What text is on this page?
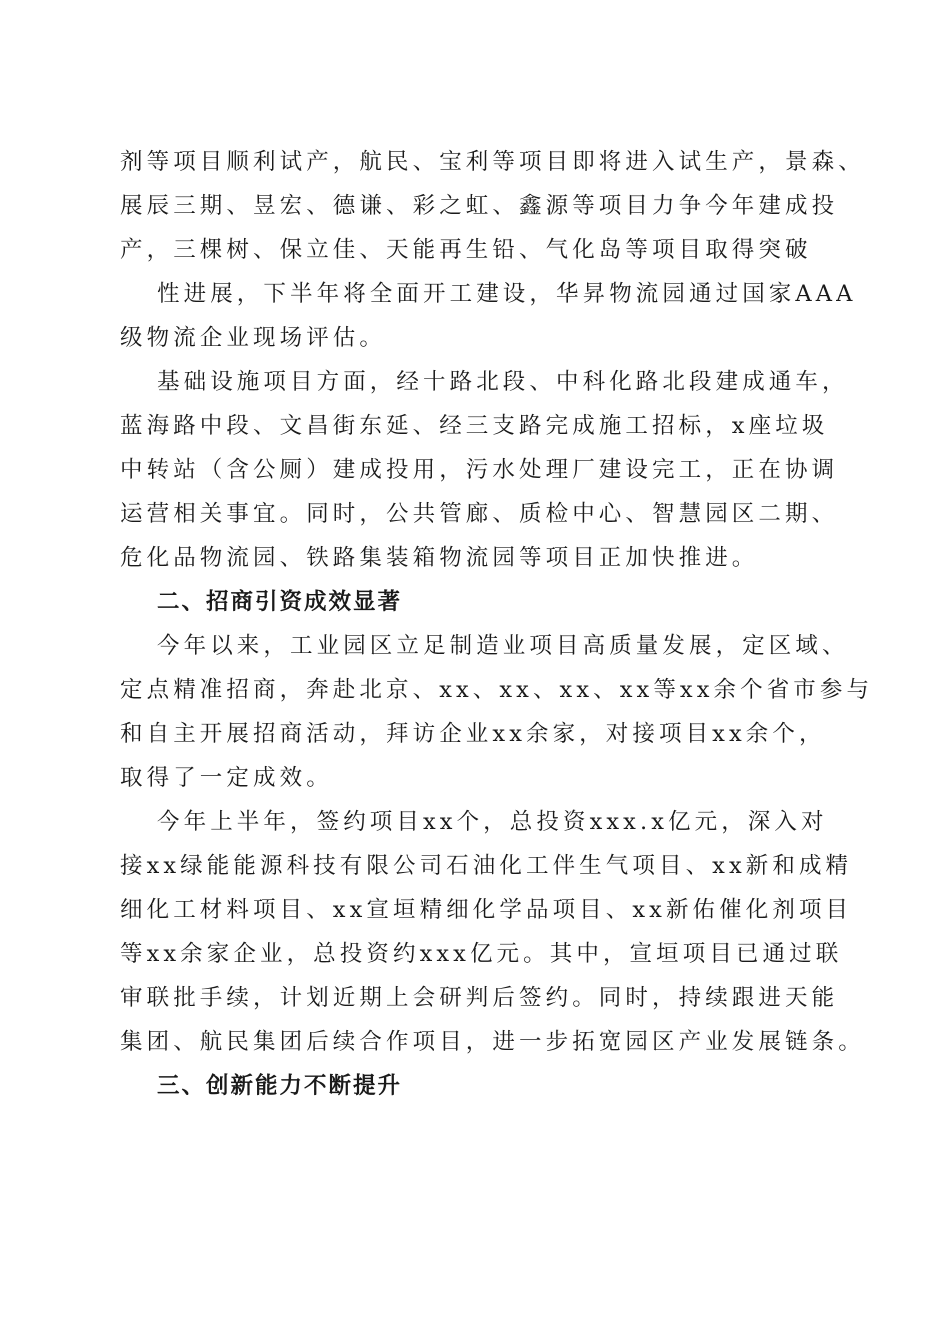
剂等项目顺利试产，航民、宝利等项目即将进入试生产，景森、
展辰三期、昱宏、德谦、彩之虹、鑫源等项目力争今年建成投
产，三棵树、保立佳、天能再生铅、气化岛等项目取得突破
性进展，下半年将全面开工建设，华昇物流园通过国家AAA
级物流企业现场评估。
基础设施项目方面，经十路北段、中科化路北段建成通车，
蓝海路中段、文昌街东延、经三支路完成施工招标，x座垃圾
中转站（含公厕）建成投用，污水处理厂建设完工，正在协调
运营相关事宜。同时，公共管廊、质检中心、智慧园区二期、
危化品物流园、铁路集装箱物流园等项目正加快推进。
二、招商引资成效显著
今年以来，工业园区立足制造业项目高质量发展，定区域、
定点精准招商，奔赴北京、xx、xx、xx、xx等xx余个省市参与
和自主开展招商活动，拜访企业xx余家，对接项目xx余个，
取得了一定成效。
今年上半年，签约项目xx个，总投资xxx.x亿元，深入对
接xx绿能能源科技有限公司石油化工伴生气项目、xx新和成精
细化工材料项目、xx宣垣精细化学品项目、xx新佑催化剂项目
等xx余家企业，总投资约xxx亿元。其中，宣垣项目已通过联
审联批手续，计划近期上会研判后签约。同时，持续跟进天能
集团、航民集团后续合作项目，进一步拓宽园区产业发展链条。
三、创新能力不断提升
